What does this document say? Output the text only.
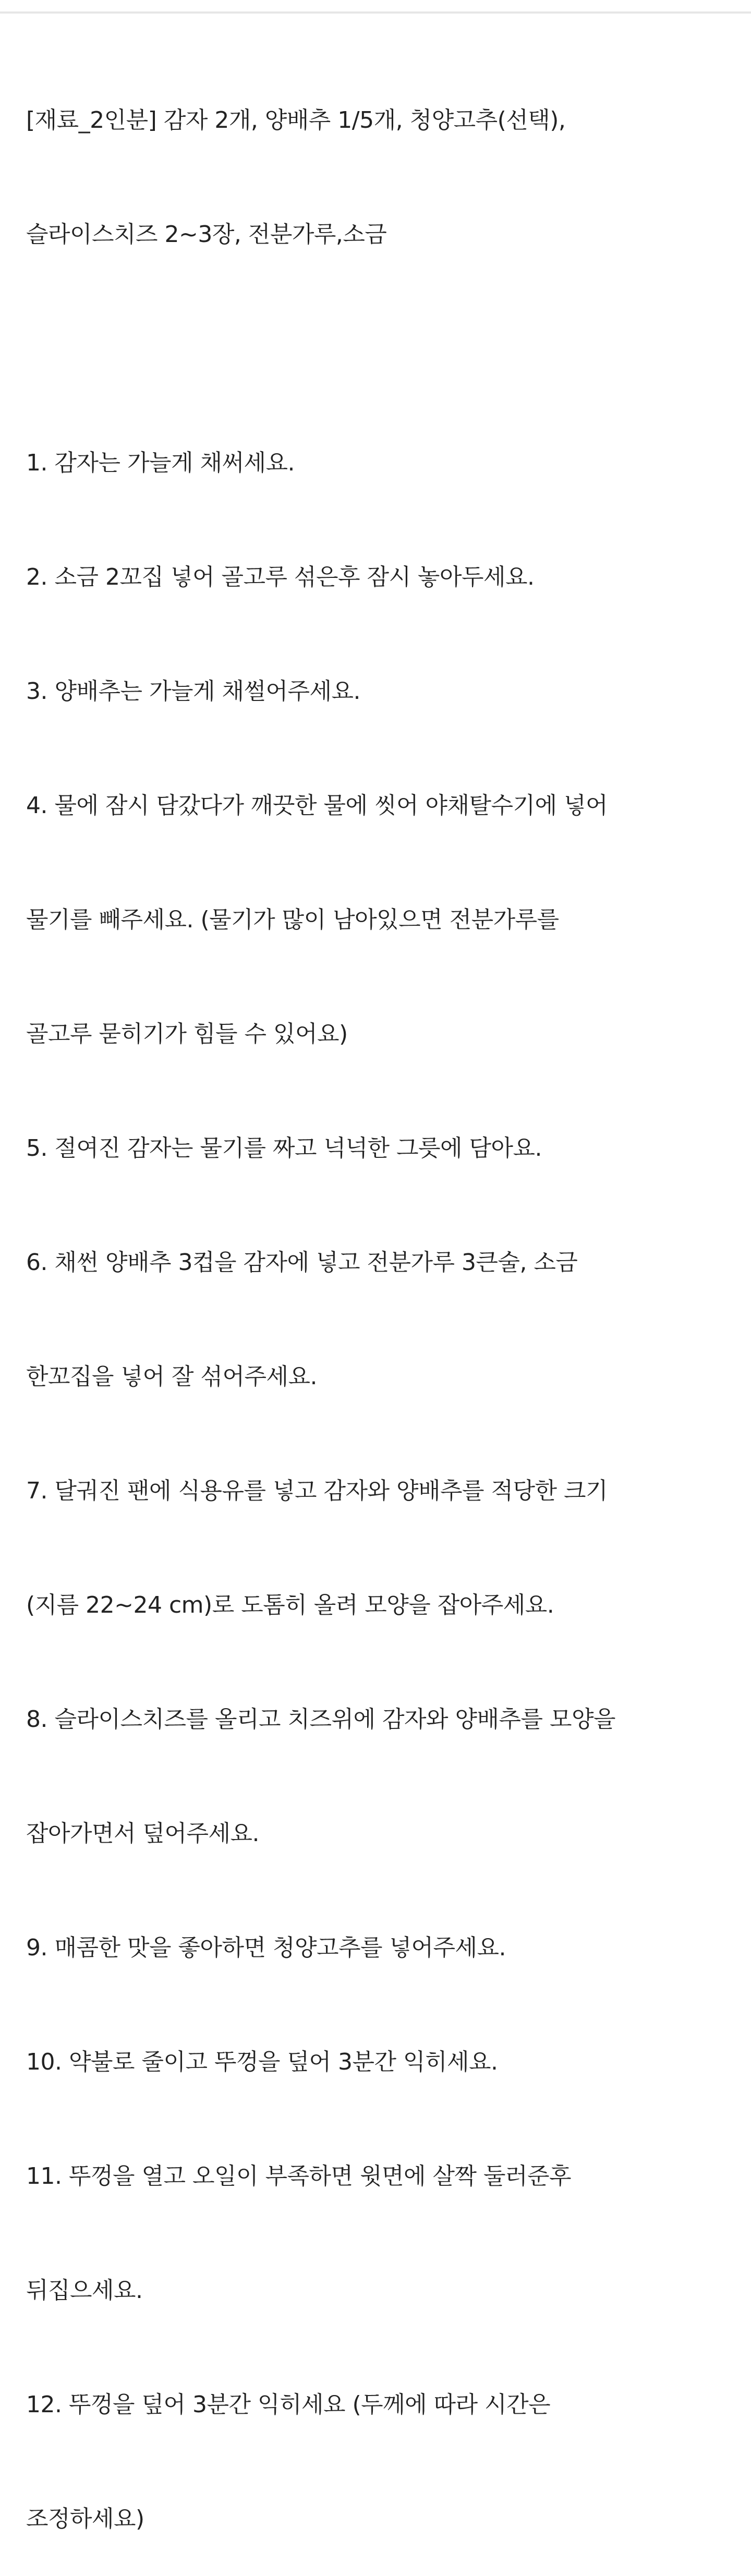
[재료_2인분] 감자 2개, 양배추 1/5개, 청양고추(선택),

슬라이스치즈 2~3장, 전분가루,소금

1. 감자는 가늘게 채써세요.

2. 소금 2꼬집 넣어 골고루 섞은후 잠시 놓아두세요.

3. 양배추는 가늘게 채썰어주세요.

4. 물에 잠시 담갔다가 깨끗한 물에 씻어 야채탈수기에 넣어

물기를 빼주세요. (물기가 많이 남아있으면 전분가루를

골고루 묻히기가 힘들 수 있어요)

5. 절여진 감자는 물기를 짜고 넉넉한 그릇에 담아요.

6. 채썬 양배추 3컵을 감자에 넣고 전분가루 3큰술, 소금

한꼬집을 넣어 잘 섞어주세요.

7. 달궈진 팬에 식용유를 넣고 감자와 양배추를 적당한 크기

(지름 22~24 cm)로 도톰히 올려 모양을 잡아주세요.

8. 슬라이스치즈를 올리고 치즈위에 감자와 양배추를 모양을

잡아가면서 덮어주세요.

9. 매콤한 맛을 좋아하면 청양고추를 넣어주세요.

10. 약불로 줄이고 뚜껑을 덮어 3분간 익히세요.

11. 뚜껑을 열고 오일이 부족하면 윗면에 살짝 둘러준후

뒤집으세요.

12. 뚜껑을 덮어 3분간 익히세요 (두께에 따라 시간은

조정하세요)
